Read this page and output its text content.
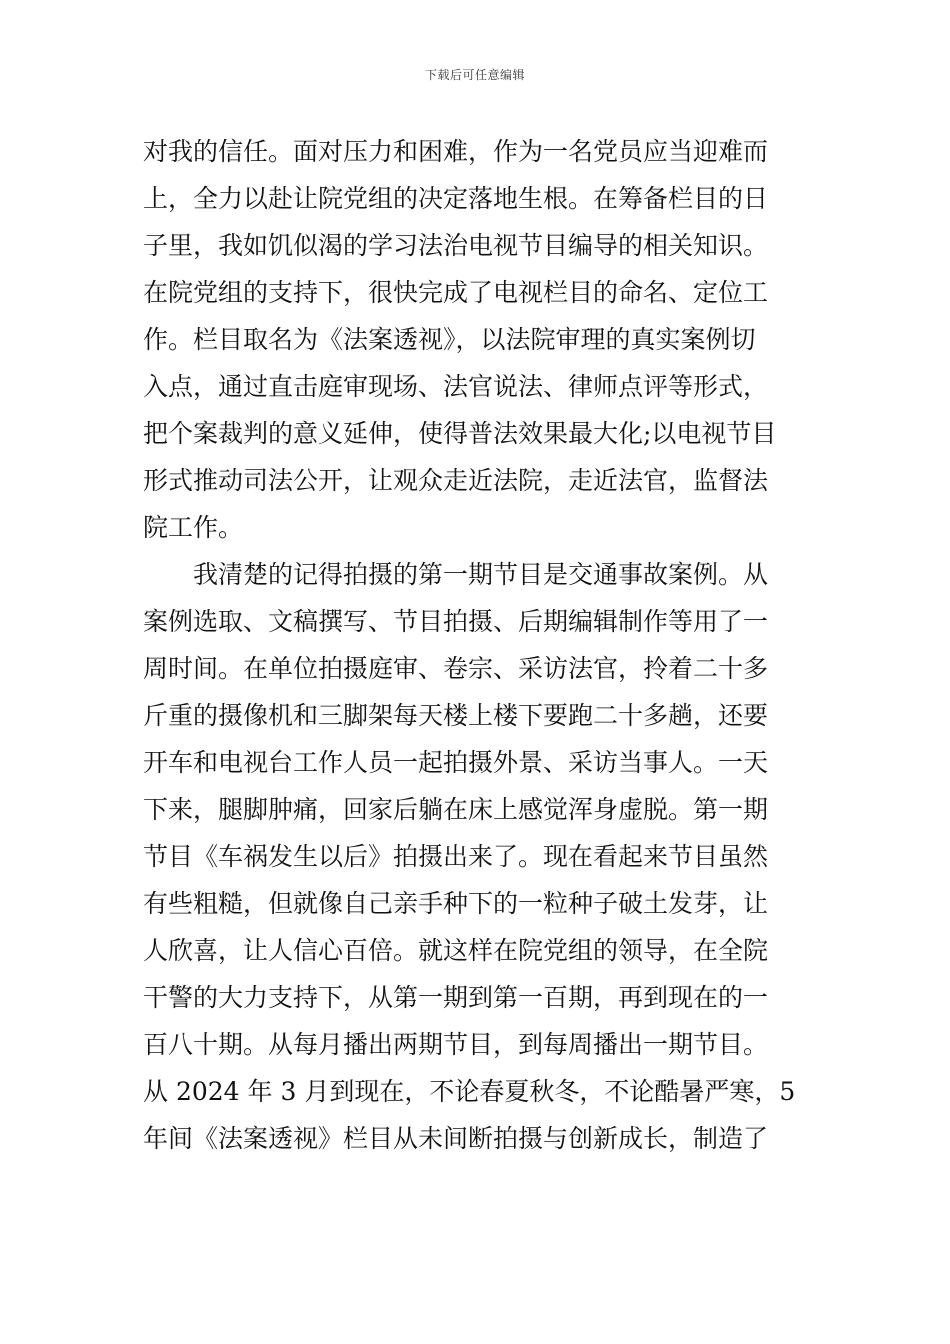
下载后可任意编辑
对我的信任。面对压力和困难，作为一名党员应当迎难而
上，全力以赴让院党组的决定落地生根。在筹备栏目的日
子里，我如饥似渴的学习法治电视节目编导的相关知识。
在院党组的支持下，很快完成了电视栏目的命名、定位工
作。栏目取名为《法案透视》，以法院审理的真实案例切
入点，通过直击庭审现场、法官说法、律师点评等形式，
把个案裁判的意义延伸，使得普法效果最大化;以电视节目
形式推动司法公开，让观众走近法院，走近法官，监督法
院工作。
　　我清楚的记得拍摄的第一期节目是交通事故案例。从
案例选取、文稿撰写、节目拍摄、后期编辑制作等用了一
周时间。在单位拍摄庭审、卷宗、采访法官，拎着二十多
斤重的摄像机和三脚架每天楼上楼下要跑二十多趟，还要
开车和电视台工作人员一起拍摄外景、采访当事人。一天
下来，腿脚肿痛，回家后躺在床上感觉浑身虚脱。第一期
节目《车祸发生以后》拍摄出来了。现在看起来节目虽然
有些粗糙，但就像自己亲手种下的一粒种子破土发芽，让
人欣喜，让人信心百倍。就这样在院党组的领导，在全院
干警的大力支持下，从第一期到第一百期，再到现在的一
百八十期。从每月播出两期节目，到每周播出一期节目。
从 2024 年 3 月到现在，不论春夏秋冬，不论酷暑严寒，5
年间《法案透视》栏目从未间断拍摄与创新成长，制造了
